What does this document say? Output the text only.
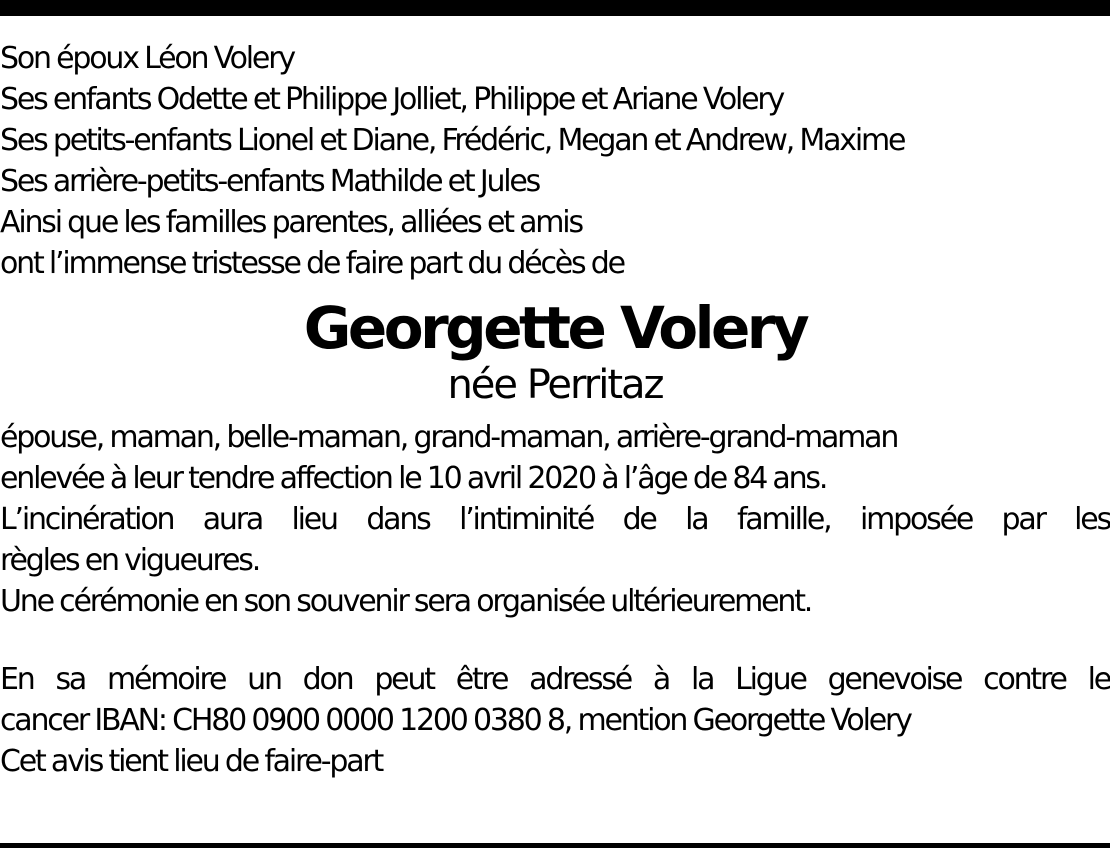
Son époux Léon Volery
Ses enfants Odette et Philippe Jolliet, Philippe et Ariane Volery
Ses petits-enfants Lionel et Diane, Frédéric, Megan et Andrew, Maxime
Ses arrière-petits-enfants Mathilde et Jules
Ainsi que les familles parentes, alliées et amis
ont l’immense tristesse de faire part du décès de
Georgette Volery
née Perritaz
épouse, maman, belle-maman, grand-maman, arrière-grand-maman
enlevée à leur tendre affection le 10 avril 2020 à l’âge de 84 ans.
L’incinération aura lieu dans l’intiminité de la famille, imposée par les
règles en vigueures.
Une cérémonie en son souvenir sera organisée ultérieurement.
En sa mémoire un don peut être adressé à la Ligue genevoise contre le
cancer IBAN: CH80 0900 0000 1200 0380 8, mention Georgette Volery
Cet avis tient lieu de faire-part
